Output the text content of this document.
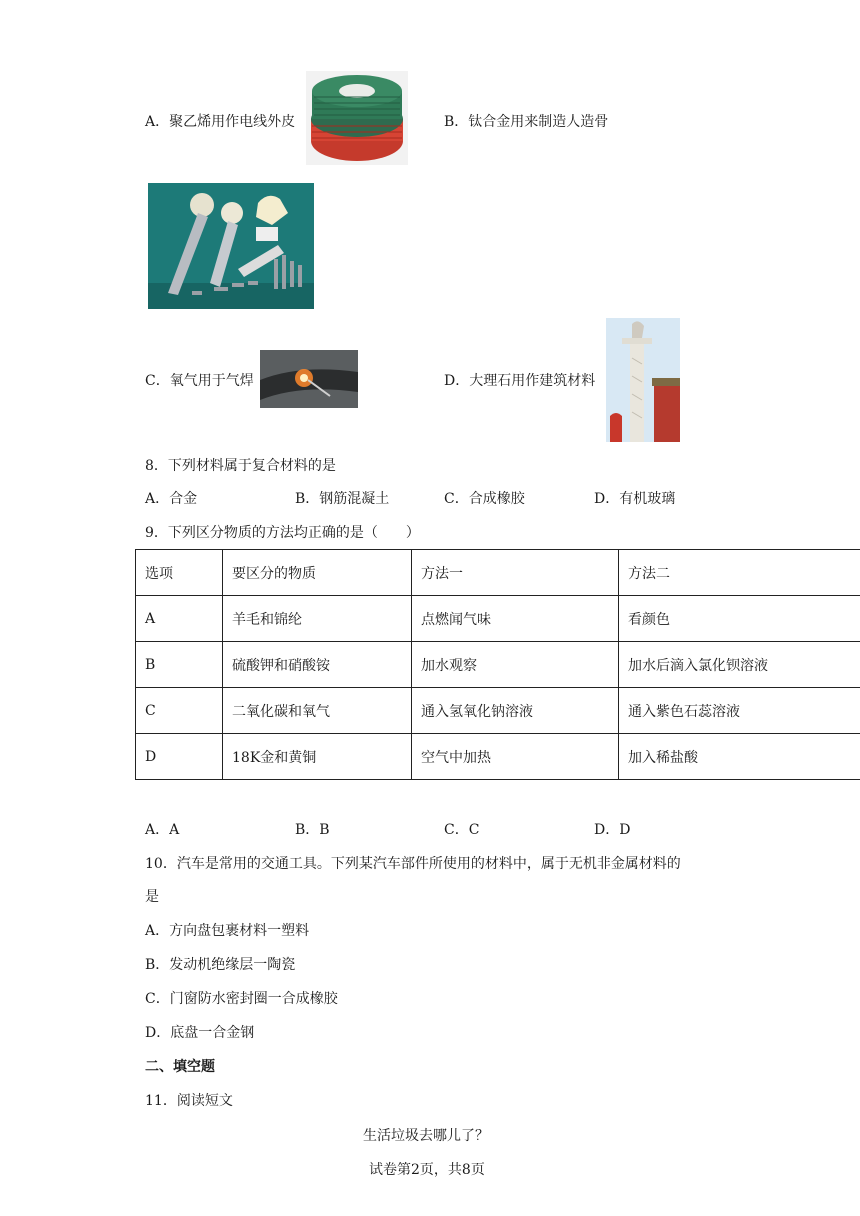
A．聚乙烯用作电线外皮	B．钛合金用来制造人造骨
C．氧气用于气焊	D．大理石用作建筑材料
8．下列材料属于复合材料的是
A．合金	B．钢筋混凝土	C．合成橡胶	D．有机玻璃
9．下列区分物质的方法均正确的是（　　）
选项	要区分的物质	方法一	方法二
A	羊毛和锦纶	点燃闻气味	看颜色
B	硫酸钾和硝酸铵	加水观察	加水后滴入氯化钡溶液
C	二氧化碳和氧气	通入氢氧化钠溶液	通入紫色石蕊溶液
D	18K金和黄铜	空气中加热	加入稀盐酸
A．A	B．B	C．C	D．D
10．汽车是常用的交通工具。下列某汽车部件所使用的材料中，属于无机非金属材料的
是
A．方向盘包裹材料一塑料
B．发动机绝缘层一陶瓷
C．门窗防水密封圈一合成橡胶
D．底盘一合金钢
二、填空题
11．阅读短文
生活垃圾去哪儿了？
试卷第2页，共8页
